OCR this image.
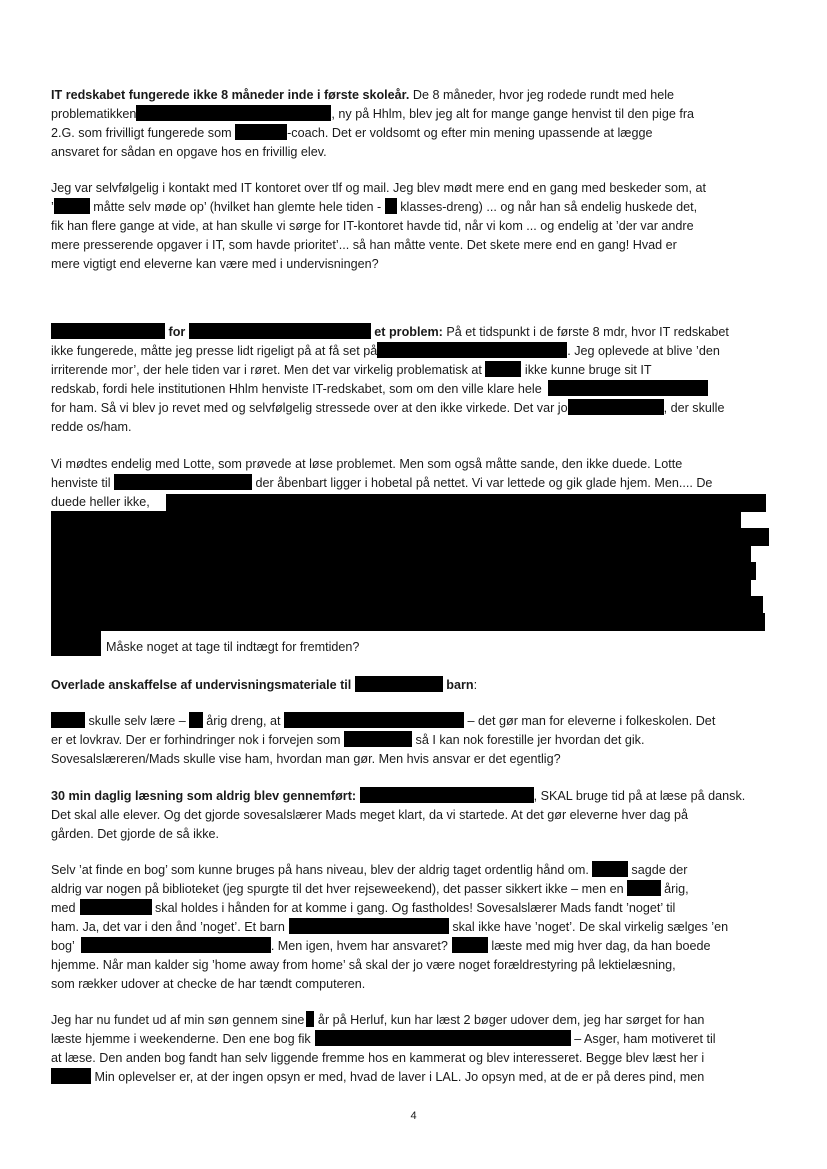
IT redskabet fungerede ikke 8 måneder inde i første skoleår. De 8 måneder, hvor jeg rodede rundt med hele
problematikken	, ny på Hhlm, blev jeg alt for mange gange henvist til den pige fra
2.G. som frivilligt fungerede som	-coach. Det er voldsomt og efter min mening upassende at lægge
ansvaret for sådan en opgave hos en frivillig elev.
Jeg var selvfølgelig i kontakt med IT kontoret over tlf og mail. Jeg blev mødt mere end en gang med beskeder som, at
’	måtte selv møde op’ (hvilket han glemte hele tiden -  klasses-dreng) ... og når han så endelig huskede det,
fik han flere gange at vide, at han skulle vi sørge for IT-kontoret havde tid, når vi kom ... og endelig at ’der var andre
mere presserende opgaver i IT, som havde prioritet’... så han måtte vente. Det skete mere end en gang! Hvad er
mere vigtigt end eleverne kan være med i undervisningen?
for	et problem: På et tidspunkt i de første 8 mdr, hvor IT redskabet
ikke fungerede, måtte jeg presse lidt rigeligt på at få set på	. Jeg oplevede at blive ’den
irriterende mor’, der hele tiden var i røret. Men det var virkelig problematisk at	ikke kunne bruge sit IT
redskab, fordi hele institutionen Hhlm henviste IT-redskabet, som om den ville klare hele
for ham. Så vi blev jo revet med og selvfølgelig stressede over at den ikke virkede. Det var jo	, der skulle
redde os/ham.
Vi mødtes endelig med Lotte, som prøvede at løse problemet. Men som også måtte sande, den ikke duede. Lotte
henviste til	der åbenbart ligger i hobetal på nettet. Vi var lettede og gik glade hjem. Men.... De
duede heller ikke,
Måske noget at tage til indtægt for fremtiden?
Overlade anskaffelse af undervisningsmateriale til	barn:
skulle selv lære – årig dreng, at	– det gør man for eleverne i folkeskolen. Det
er et lovkrav. Der er forhindringer nok i forvejen som	så I kan nok forestille jer hvordan det gik.
Sovesalslæreren/Mads skulle vise ham, hvordan man gør. Men hvis ansvar er det egentlig?
30 min daglig læsning som aldrig blev gennemført:	, SKAL bruge tid på at læse på dansk.
Det skal alle elever. Og det gjorde sovesalslærer Mads meget klart, da vi startede. At det gør eleverne hver dag på
gården. Det gjorde de så ikke.
Selv ’at finde en bog’ som kunne bruges på hans niveau, blev der aldrig taget ordentlig hånd om.	sagde der
aldrig var nogen på biblioteket (jeg spurgte til det hver rejseweekend), det passer sikkert ikke – men en	årig,
med	skal holdes i hånden for at komme i gang. Og fastholdes! Sovesalslærer Mads fandt ’noget’ til
ham. Ja, det var i den ånd ’noget’. Et barn	skal ikke have ’noget’. De skal virkelig sælges ’en
bog’	. Men igen, hvem har ansvaret?	læste med mig hver dag, da han boede
hjemme. Når man kalder sig ’home away from home’ så skal der jo være noget forældrestyring på lektielæsning,
som rækker udover at checke de har tændt computeren.
Jeg har nu fundet ud af min søn gennem sine år på Herluf, kun har læst 2 bøger udover dem, jeg har sørget for han
læste hjemme i weekenderne. Den ene bog fik	– Asger, ham motiveret til
at læse. Den anden bog fandt han selv liggende fremme hos en kammerat og blev interesseret. Begge blev læst her i
Min oplevelser er, at der ingen opsyn er med, hvad de laver i LAL. Jo opsyn med, at de er på deres pind, men
4
